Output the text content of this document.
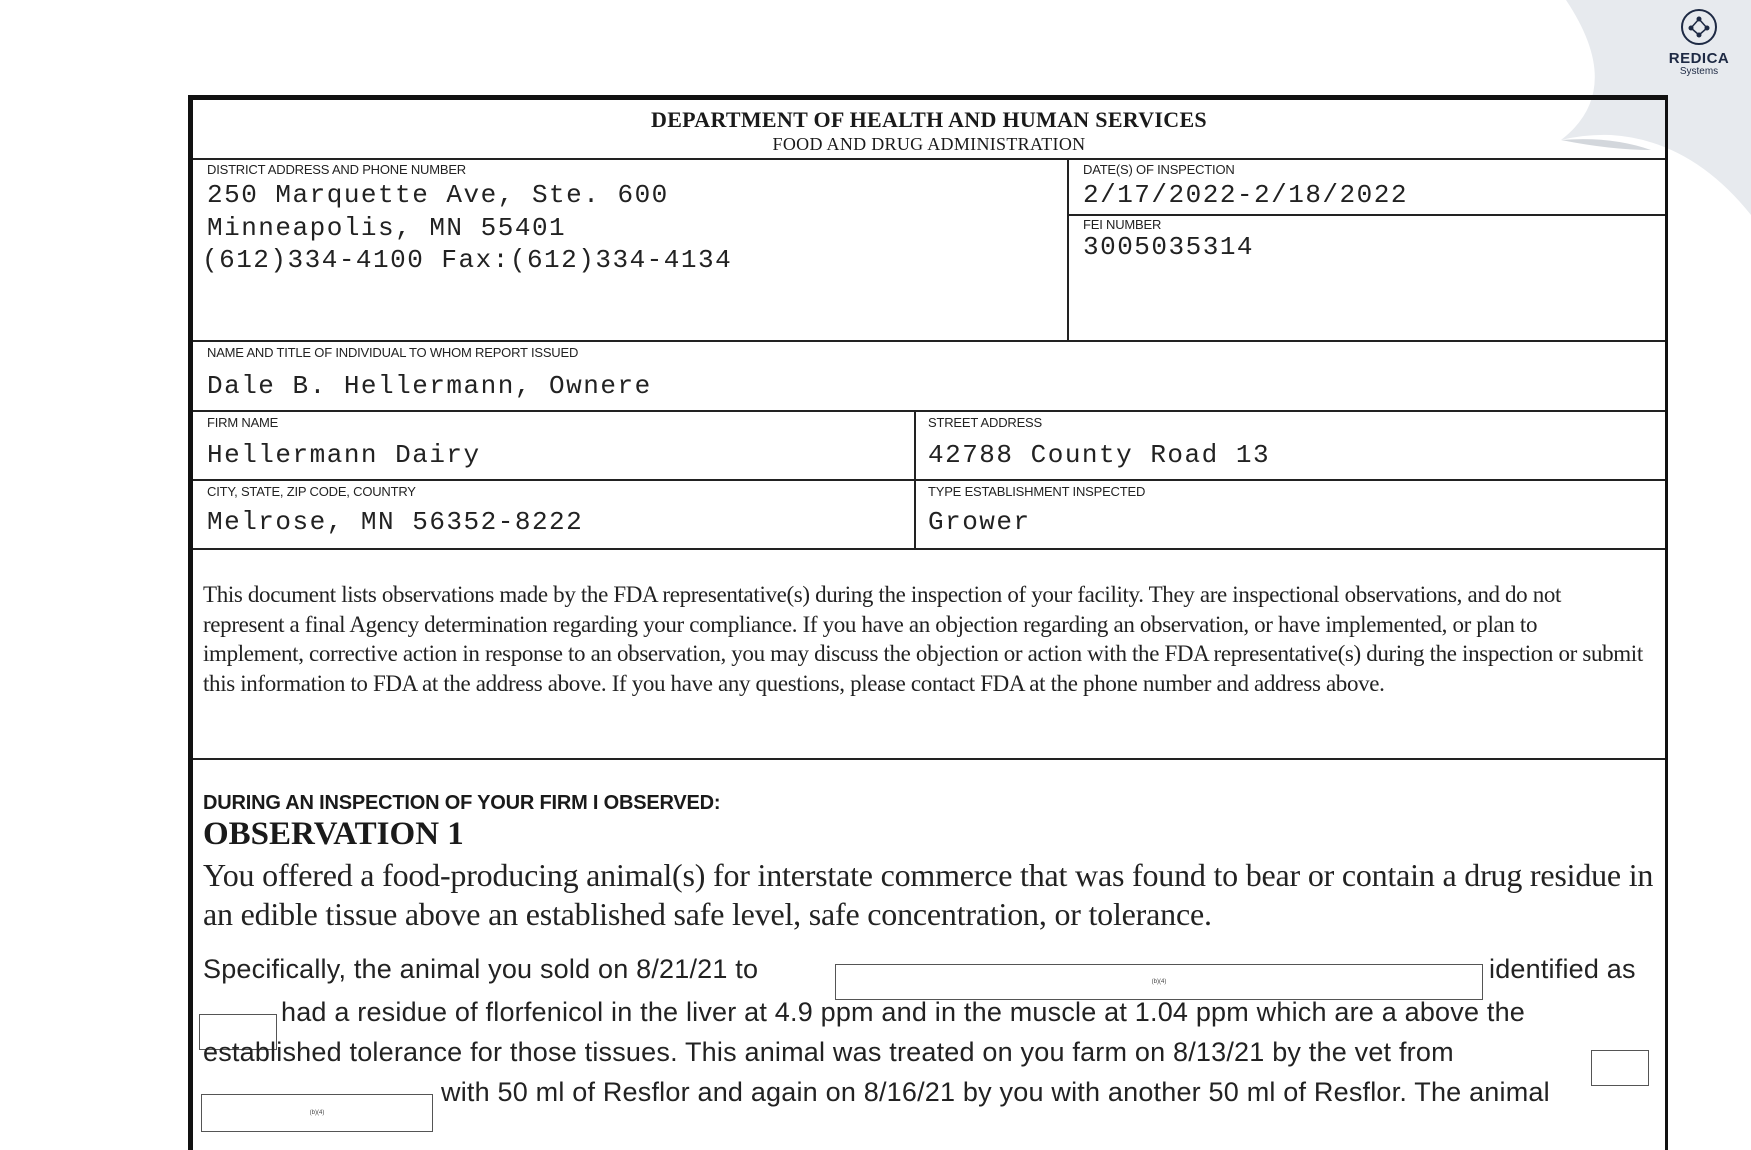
REDICA
Systems
DEPARTMENT OF HEALTH AND HUMAN SERVICES
FOOD AND DRUG ADMINISTRATION
DISTRICT ADDRESS AND PHONE NUMBER
250 Marquette Ave, Ste. 600
Minneapolis, MN 55401
(612)334-4100 Fax:(612)334-4134
DATE(S) OF INSPECTION
2/17/2022-2/18/2022
FEI NUMBER
3005035314
NAME AND TITLE OF INDIVIDUAL TO WHOM REPORT ISSUED
Dale B. Hellermann, Ownere
FIRM NAME
Hellermann Dairy
STREET ADDRESS
42788 County Road 13
CITY, STATE, ZIP CODE, COUNTRY
Melrose, MN 56352-8222
TYPE ESTABLISHMENT INSPECTED
Grower
This document lists observations made by the FDA representative(s) during the inspection of your facility. They are inspectional observations, and do not represent a final Agency determination regarding your compliance. If you have an objection regarding an observation, or have implemented, or plan to implement, corrective action in response to an observation, you may discuss the objection or action with the FDA representative(s) during the inspection or submit this information to FDA at the address above. If you have any questions, please contact FDA at the phone number and address above.
DURING AN INSPECTION OF YOUR FIRM I OBSERVED:
OBSERVATION 1
You offered a food-producing animal(s) for interstate commerce that was found to bear or contain a drug residue in an edible tissue above an established safe level, safe concentration, or tolerance.
Specifically, the animal you sold on 8/21/21 to	(b)(4)	identified as
had a residue of florfenicol in the liver at 4.9 ppm and in the muscle at 1.04 ppm which are a above the
established tolerance for those tissues. This animal was treated on you farm on 8/13/21 by the vet from
(b)(4)
with 50 ml of Resflor and again on 8/16/21 by you with another 50 ml of Resflor. The animal
